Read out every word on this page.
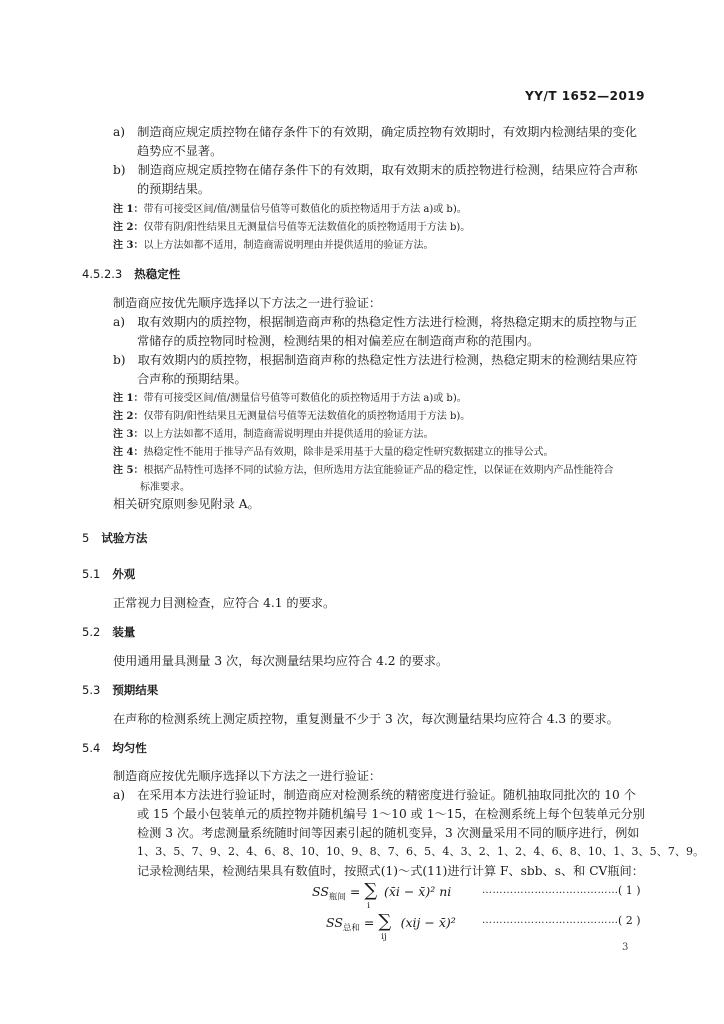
YY/T 1652—2019
a)　制造商应规定质控物在储存条件下的有效期，确定质控物有效期时，有效期内检测结果的变化
趋势应不显著。
b)　制造商应规定质控物在储存条件下的有效期，取有效期末的质控物进行检测，结果应符合声称
的预期结果。
注 1：带有可接受区间/值/测量信号值等可数值化的质控物适用于方法 a)或 b)。
注 2：仅带有阴/阳性结果且无测量信号值等无法数值化的质控物适用于方法 b)。
注 3：以上方法如都不适用，制造商需说明理由并提供适用的验证方法。
4.5.2.3 热稳定性
制造商应按优先顺序选择以下方法之一进行验证：
a)　取有效期内的质控物，根据制造商声称的热稳定性方法进行检测，将热稳定期末的质控物与正
常储存的质控物同时检测，检测结果的相对偏差应在制造商声称的范围内。
b)　取有效期内的质控物，根据制造商声称的热稳定性方法进行检测，热稳定期末的检测结果应符
合声称的预期结果。
注 1：带有可接受区间/值/测量信号值等可数值化的质控物适用于方法 a)或 b)。
注 2：仅带有阴/阳性结果且无测量信号值等无法数值化的质控物适用于方法 b)。
注 3：以上方法如都不适用，制造商需说明理由并提供适用的验证方法。
注 4：热稳定性不能用于推导产品有效期，除非是采用基于大量的稳定性研究数据建立的推导公式。
注 5：根据产品特性可选择不同的试验方法，但所选用方法宜能验证产品的稳定性，以保证在效期内产品性能符合
标准要求。
相关研究原则参见附录 A。
5 试验方法
5.1 外观
正常视力目测检查，应符合 4.1 的要求。
5.2 装量
使用通用量具测量 3 次，每次测量结果均应符合 4.2 的要求。
5.3 预期结果
在声称的检测系统上测定质控物，重复测量不少于 3 次，每次测量结果均应符合 4.3 的要求。
5.4 均匀性
制造商应按优先顺序选择以下方法之一进行验证：
a)　在采用本方法进行验证时，制造商应对检测系统的精密度进行验证。随机抽取同批次的 10 个
或 15 个最小包装单元的质控物并随机编号 1～10 或 1～15，在检测系统上每个包装单元分别
检测 3 次。考虑测量系统随时间等因素引起的随机变异，3 次测量采用不同的顺序进行，例如
1、3、5、7、9、2、4、6、8、10、10、9、8、7、6、5、4、3、2、1、2、4、6、8、10、1、3、5、7、9。
记录检测结果，检测结果具有数值时，按照式(1)～式(11)进行计算 F、sbb、s、和 CV瓶间：
$SS_{瓶间} = \sum_i$ (x̄i − x̄)² ni	………………………………… ( 1 )
$SS_{总和} = \sum_{ij}$ (xij − x̄)²	………………………………… ( 2 )
3
